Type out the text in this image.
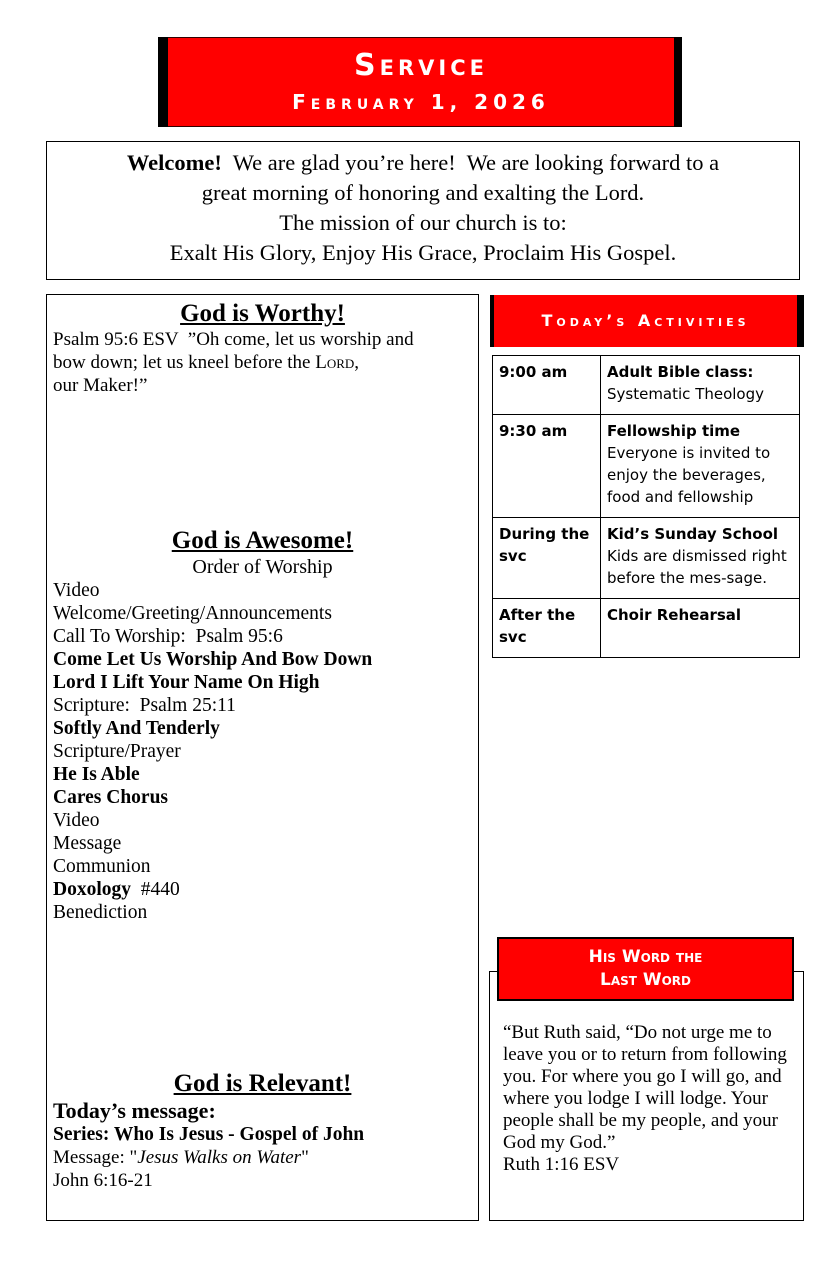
Service
February 1, 2026
Welcome!  We are glad you’re here!  We are looking forward to a
great morning of honoring and exalting the Lord.
The mission of our church is to:
Exalt His Glory, Enjoy His Grace, Proclaim His Gospel.
God is Worthy!
Psalm 95:6 ESV  ”Oh come, let us worship and
bow down; let us kneel before the Lord,
our Maker!”
God is Awesome!
Order of Worship
Video
Welcome/Greeting/Announcements
Call To Worship:  Psalm 95:6
Come Let Us Worship And Bow Down
Lord I Lift Your Name On High
Scripture:  Psalm 25:11
Softly And Tenderly
Scripture/Prayer
He Is Able
Cares Chorus
Video
Message
Communion
Doxology  #440
Benediction
God is Relevant!
Today’s message:
Series: Who Is Jesus - Gospel of John
Message: "Jesus Walks on Water"
John 6:16-21
Today’s Activities
9:00 am	Adult Bible class:
Systematic Theology

9:30 am	Fellowship time
Everyone is invited to enjoy the beverages, food and fellowship

During the svc	Kid’s Sunday School
Kids are dismissed right before the mes-sage.

After the svc	Choir Rehearsal
His Word the
Last Word
“But Ruth said, “Do not urge me to leave you or to return from following you. For where you go I will go, and where you lodge I will lodge. Your people shall be my people, and your God my God.”
Ruth 1:16 ESV
